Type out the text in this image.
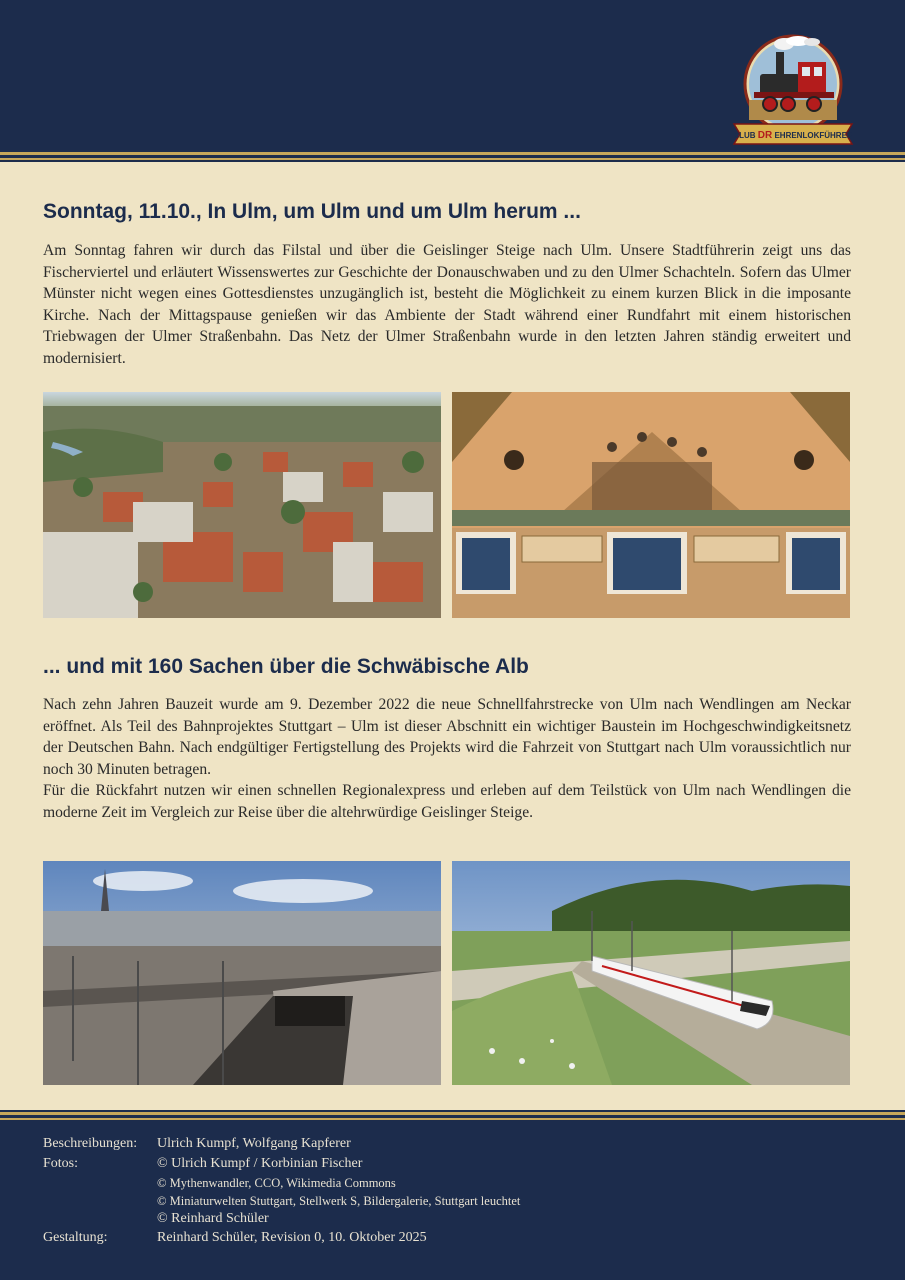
CLUB DR EHRENLOKFÜHRER
Sonntag, 11.10., In Ulm, um Ulm und um Ulm herum ...

Am Sonntag fahren wir durch das Filstal und über die Geislinger Steige nach Ulm. Unsere Stadtführerin zeigt uns das Fischerviertel und erläutert Wissenswertes zur Geschichte der Donauschwaben und zu den Ulmer Schachteln. Sofern das Ulmer Münster nicht wegen eines Gottesdienstes unzugänglich ist, besteht die Möglichkeit zu einem kurzen Blick in die imposante Kirche. Nach der Mittagspause genießen wir das Ambiente der Stadt während einer Rundfahrt mit einem historischen Triebwagen der Ulmer Straßenbahn. Das Netz der Ulmer Straßenbahn wurde in den letzten Jahren ständig erweitert und modernisiert.

... und mit 160 Sachen über die Schwäbische Alb

Nach zehn Jahren Bauzeit wurde am 9. Dezember 2022 die neue Schnellfahrstrecke von Ulm nach Wendlingen am Neckar eröffnet. Als Teil des Bahnprojektes Stuttgart – Ulm ist dieser Abschnitt ein wichtiger Baustein im Hochgeschwindigkeitsnetz der Deutschen Bahn. Nach endgültiger Fertigstellung des Projekts wird die Fahrzeit von Stuttgart nach Ulm voraussichtlich nur noch 30 Minuten betragen.

Für die Rückfahrt nutzen wir einen schnellen Regionalexpress und erleben auf dem Teilstück von Ulm nach Wendlingen die moderne Zeit im Vergleich zur Reise über die altehrwürdige Geislinger Steige.

Beschreibungen:	Ulrich Kumpf, Wolfgang Kapferer
Fotos:	© Ulrich Kumpf / Korbinian Fischer
© Mythenwandler, CCO, Wikimedia Commons
© Miniaturwelten Stuttgart, Stellwerk S, Bildergalerie, Stuttgart leuchtet
© Reinhard Schüler
Gestaltung:	Reinhard Schüler, Revision 0, 10. Oktober 2025
